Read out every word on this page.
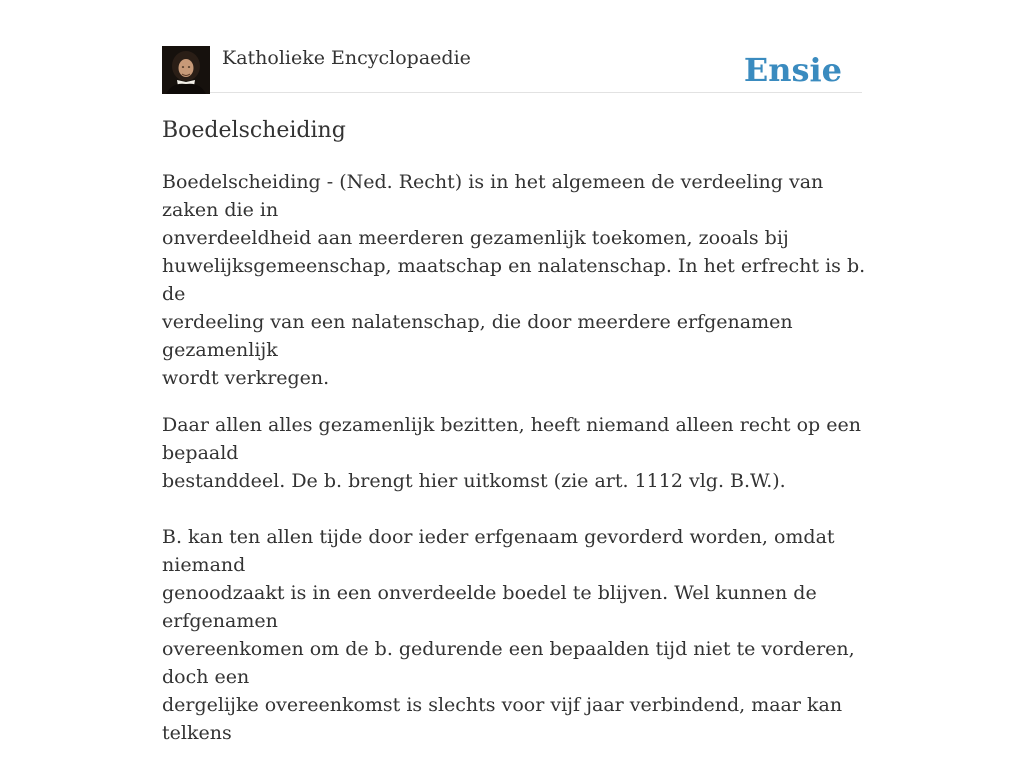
Katholieke Encyclopaedie	Ensie
Boedelscheiding

Boedelscheiding - (Ned. Recht) is in het algemeen de verdeeling van zaken die in
onverdeeldheid aan meerderen gezamenlijk toekomen, zooals bij
huwelijksgemeenschap, maatschap en nalatenschap. In het erfrecht is b. de
verdeeling van een nalatenschap, die door meerdere erfgenamen gezamenlijk
wordt verkregen.

Daar allen alles gezamenlijk bezitten, heeft niemand alleen recht op een bepaald
bestanddeel. De b. brengt hier uitkomst (zie art. 1112 vlg. B.W.).

B. kan ten allen tijde door ieder erfgenaam gevorderd worden, omdat niemand
genoodzaakt is in een onverdeelde boedel te blijven. Wel kunnen de erfgenamen
overeenkomen om de b. gedurende een bepaalden tijd niet te vorderen, doch een
dergelijke overeenkomst is slechts voor vijf jaar verbindend, maar kan telkens
